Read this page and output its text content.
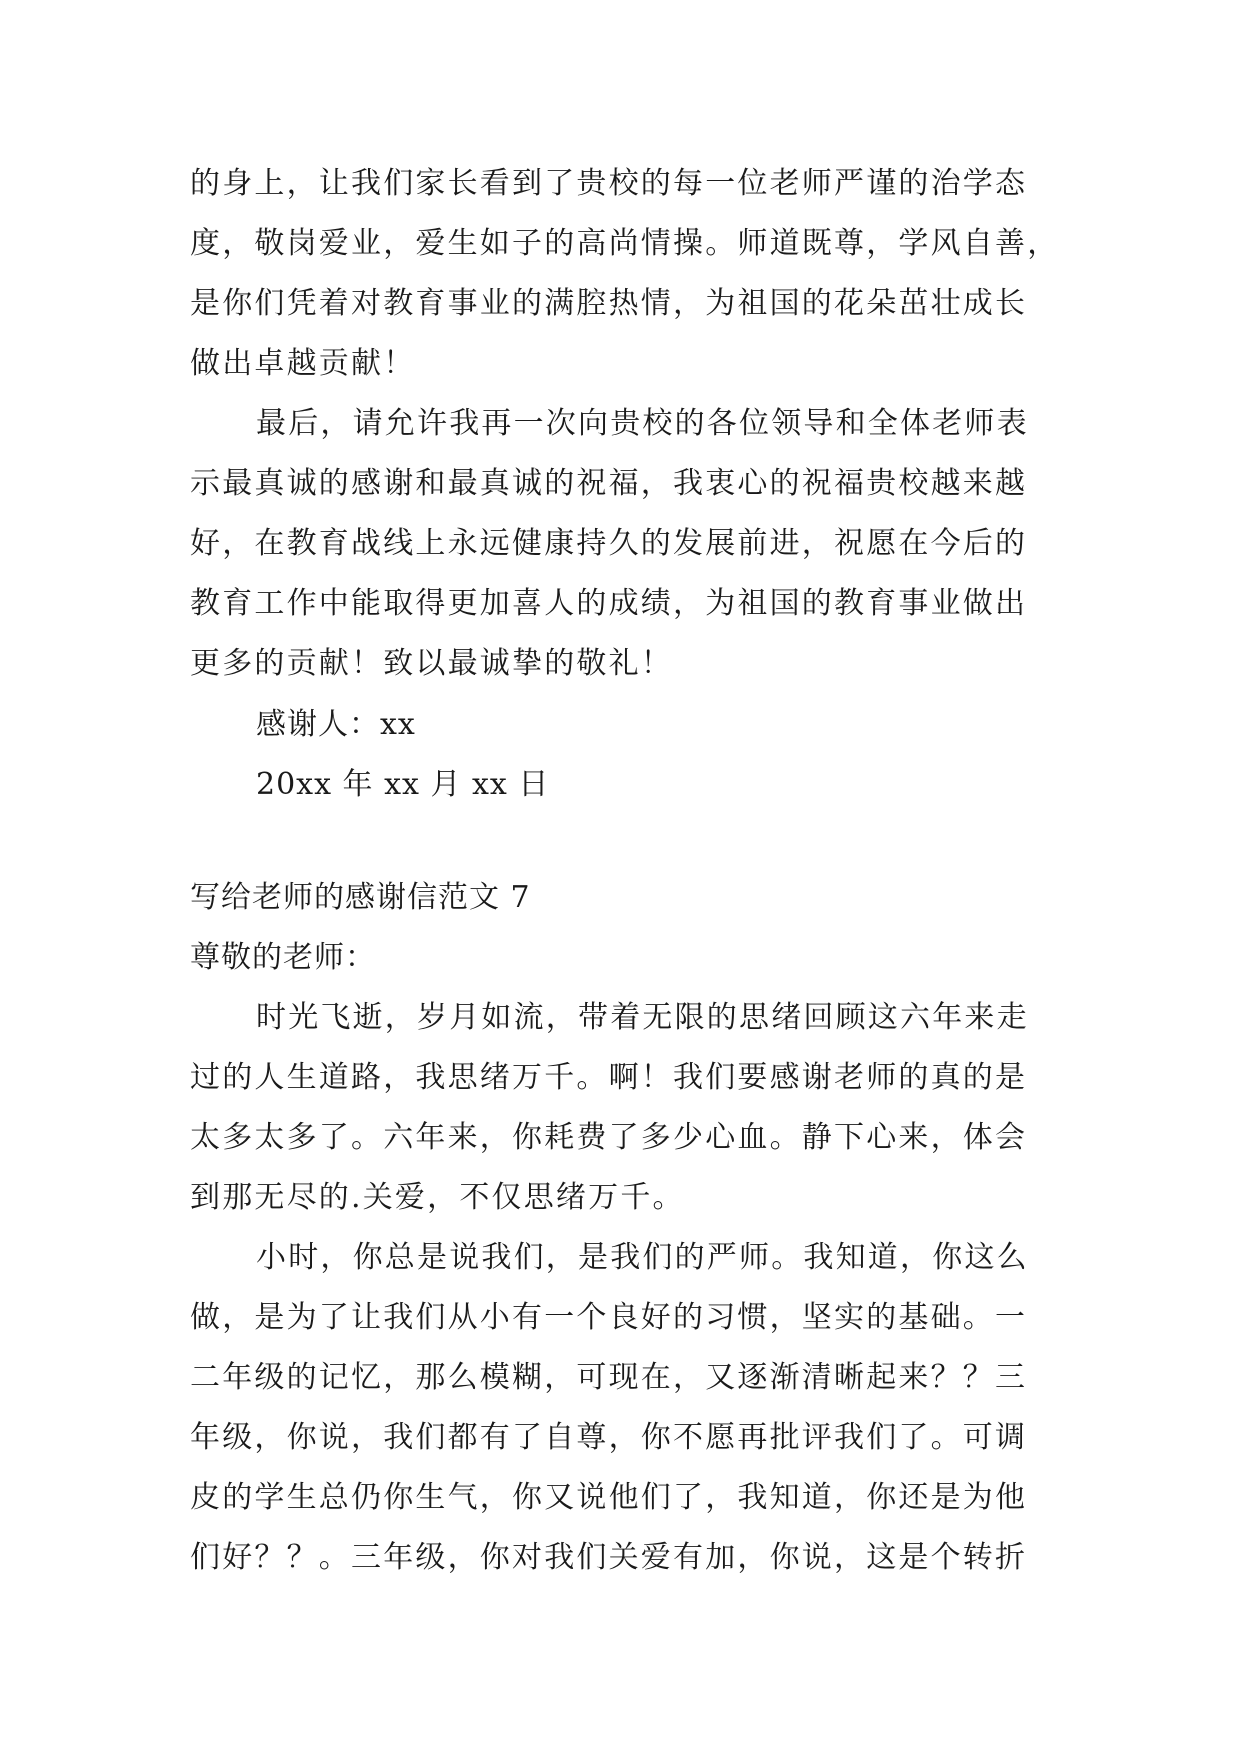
的身上，让我们家长看到了贵校的每一位老师严谨的治学态
度，敬岗爱业，爱生如子的高尚情操。师道既尊，学风自善，
是你们凭着对教育事业的满腔热情，为祖国的花朵茁壮成长
做出卓越贡献！
最后，请允许我再一次向贵校的各位领导和全体老师表
示最真诚的感谢和最真诚的祝福，我衷心的祝福贵校越来越
好，在教育战线上永远健康持久的发展前进，祝愿在今后的
教育工作中能取得更加喜人的成绩，为祖国的教育事业做出
更多的贡献！致以最诚挚的敬礼！
感谢人：xx
20xx 年 xx 月 xx 日
写给老师的感谢信范文 7
尊敬的老师：
时光飞逝，岁月如流，带着无限的思绪回顾这六年来走
过的人生道路，我思绪万千。啊！我们要感谢老师的真的是
太多太多了。六年来，你耗费了多少心血。静下心来，体会
到那无尽的.关爱，不仅思绪万千。
小时，你总是说我们，是我们的严师。我知道，你这么
做，是为了让我们从小有一个良好的习惯，坚实的基础。一
二年级的记忆，那么模糊，可现在，又逐渐清晰起来？？三
年级，你说，我们都有了自尊，你不愿再批评我们了。可调
皮的学生总仍你生气，你又说他们了，我知道，你还是为他
们好？？。三年级，你对我们关爱有加，你说，这是个转折
